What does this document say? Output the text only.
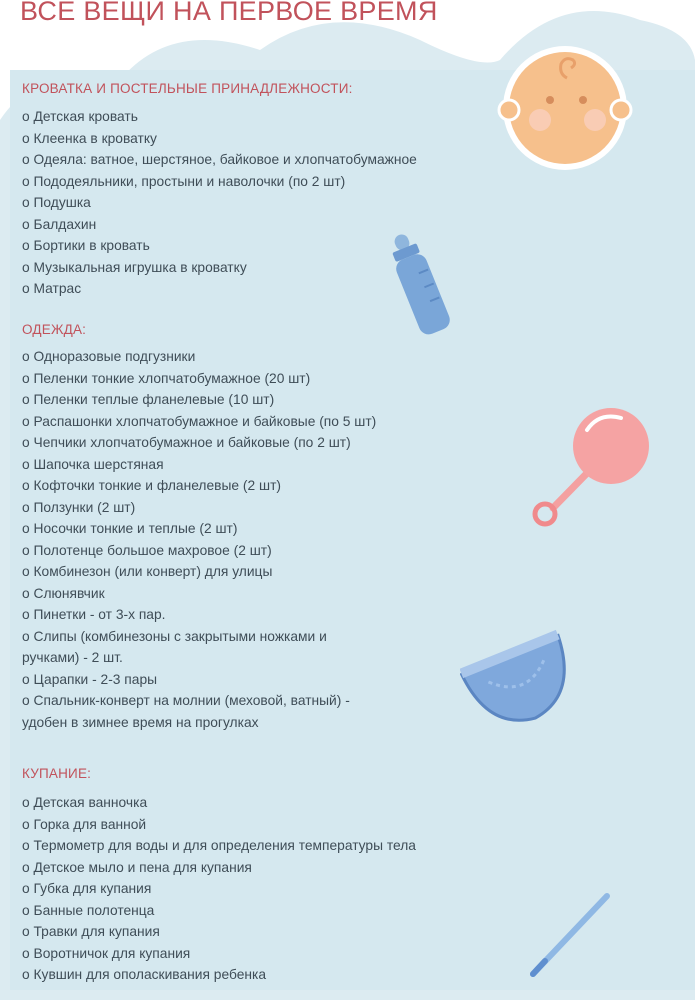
ВСЕ ВЕЩИ НА ПЕРВОЕ ВРЕМЯ
КРОВАТКА И ПОСТЕЛЬНЫЕ ПРИНАДЛЕЖНОСТИ:
o Детская кровать
o Клеенка в кроватку
o Одеяла: ватное, шерстяное, байковое и хлопчатобумажное
o Пододеяльники, простыни и наволочки (по 2 шт)
o Подушка
o Балдахин
o Бортики в кровать
o Музыкальная игрушка в кроватку
o Матрас
ОДЕЖДА:
o Одноразовые подгузники
o Пеленки тонкие хлопчатобумажное (20 шт)
o Пеленки теплые фланелевые (10 шт)
o Распашонки хлопчатобумажное и байковые (по 5 шт)
o Чепчики хлопчатобумажное и байковые (по 2 шт)
o Шапочка шерстяная
o Кофточки тонкие и фланелевые (2 шт)
o Ползунки (2 шт)
o Носочки тонкие и теплые (2 шт)
o Полотенце большое махровое (2 шт)
o Комбинезон (или конверт) для улицы
o Слюнявчик
o Пинетки - от 3-х пар.
o Слипы (комбинезоны с закрытыми ножками и
ручками) - 2 шт.
o Царапки - 2-3 пары
o Спальник-конверт на молнии (меховой, ватный) -
удобен в зимнее время на прогулках
КУПАНИЕ:
o Детская ванночка
o Горка для ванной
o Термометр для воды и для определения температуры тела
o Детское мыло и пена для купания
o Губка для купания
o Банные полотенца
o Травки для купания
o Воротничок для купания
o Кувшин для ополаскивания ребенка
